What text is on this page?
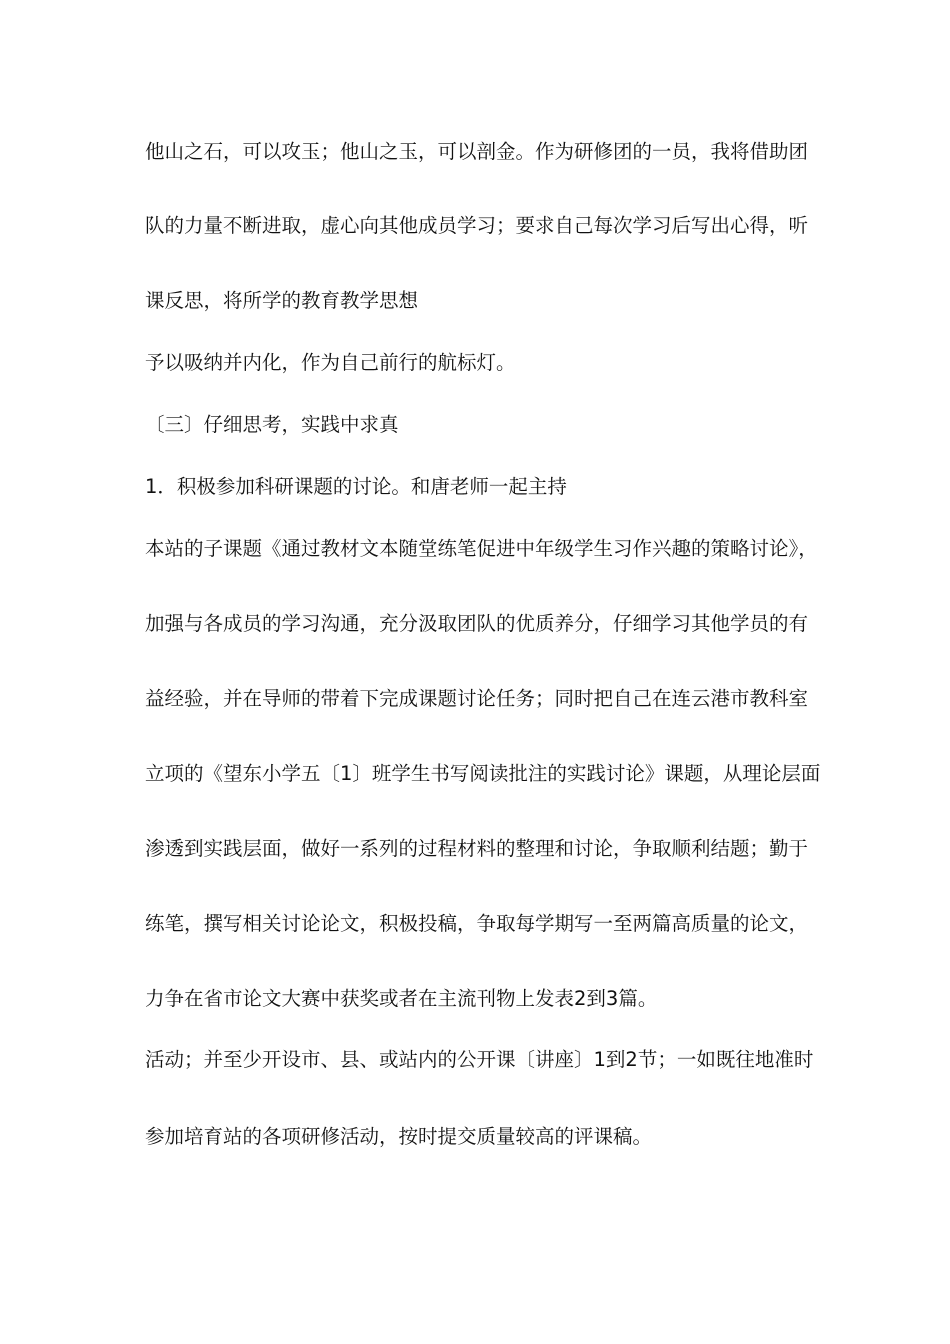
他山之石，可以攻玉；他山之玉，可以剖金。作为研修团的一员，我将借助团
队的力量不断进取，虚心向其他成员学习；要求自己每次学习后写出心得，听
课反思，将所学的教育教学思想
予以吸纳并内化，作为自己前行的航标灯。
〔三〕仔细思考，实践中求真
1．积极参加科研课题的讨论。和唐老师一起主持
本站的子课题《通过教材文本随堂练笔促进中年级学生习作兴趣的策略讨论》，
加强与各成员的学习沟通，充分汲取团队的优质养分，仔细学习其他学员的有
益经验，并在导师的带着下完成课题讨论任务；同时把自己在连云港市教科室
立项的《望东小学五〔1〕班学生书写阅读批注的实践讨论》课题，从理论层面
渗透到实践层面，做好一系列的过程材料的整理和讨论，争取顺利结题；勤于
练笔，撰写相关讨论论文，积极投稿，争取每学期写一至两篇高质量的论文，
力争在省市论文大赛中获奖或者在主流刊物上发表2到3篇。
活动；并至少开设市、县、或站内的公开课〔讲座〕1到2节；一如既往地准时
参加培育站的各项研修活动，按时提交质量较高的评课稿。
